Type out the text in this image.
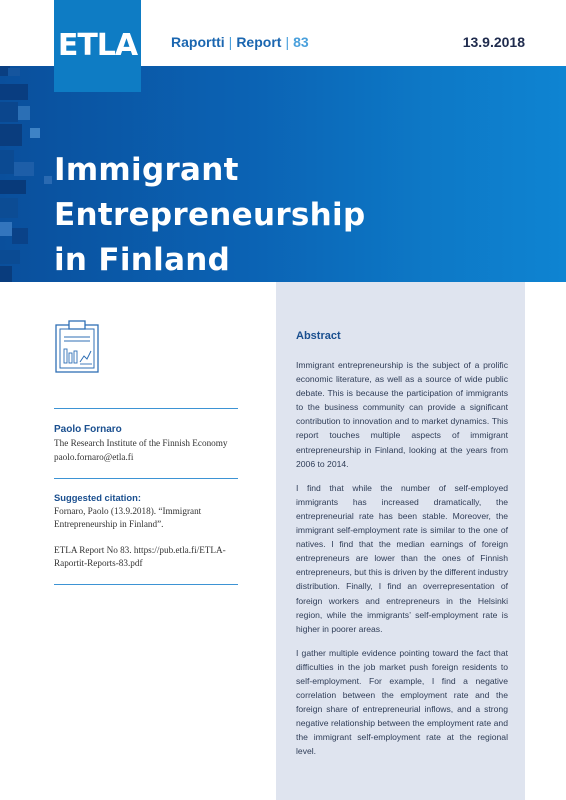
Raportti | Report | 83	13.9.2018
ETLA
Immigrant Entrepreneurship
in Finland
Paolo Fornaro
The Research Institute of the Finnish Economy
paolo.fornaro@etla.fi
Suggested citation:
Fornaro, Paolo (13.9.2018). “Immigrant Entrepreneurship in Finland”.
ETLA Report No 83. https://pub.etla.fi/ETLA-Raportit-Reports-83.pdf
Abstract

Immigrant entrepreneurship is the subject of a prolific economic literature, as well as a source of wide public debate. This is because the participation of immigrants to the business community can provide a significant contribution to innovation and to market dynamics. This report touches multiple aspects of immigrant entrepreneurship in Finland, looking at the years from 2006 to 2014.

I find that while the number of self-employed immigrants has increased dramatically, the entrepreneurial rate has been stable. Moreover, the immigrant self-employment rate is similar to the one of natives. I find that the median earnings of foreign entrepreneurs are lower than the ones of Finnish entrepreneurs, but this is driven by the different industry distribution. Finally, I find an overrepresentation of foreign workers and entrepreneurs in the Helsinki region, while the immigrants’ self-employment rate is higher in poorer areas.

I gather multiple evidence pointing toward the fact that difficulties in the job market push foreign residents to self-employment. For example, I find a negative correlation between the employment rate and the foreign share of entrepreneurial inflows, and a strong negative relationship between the employment rate and the immigrant self-employment rate at the regional level.
